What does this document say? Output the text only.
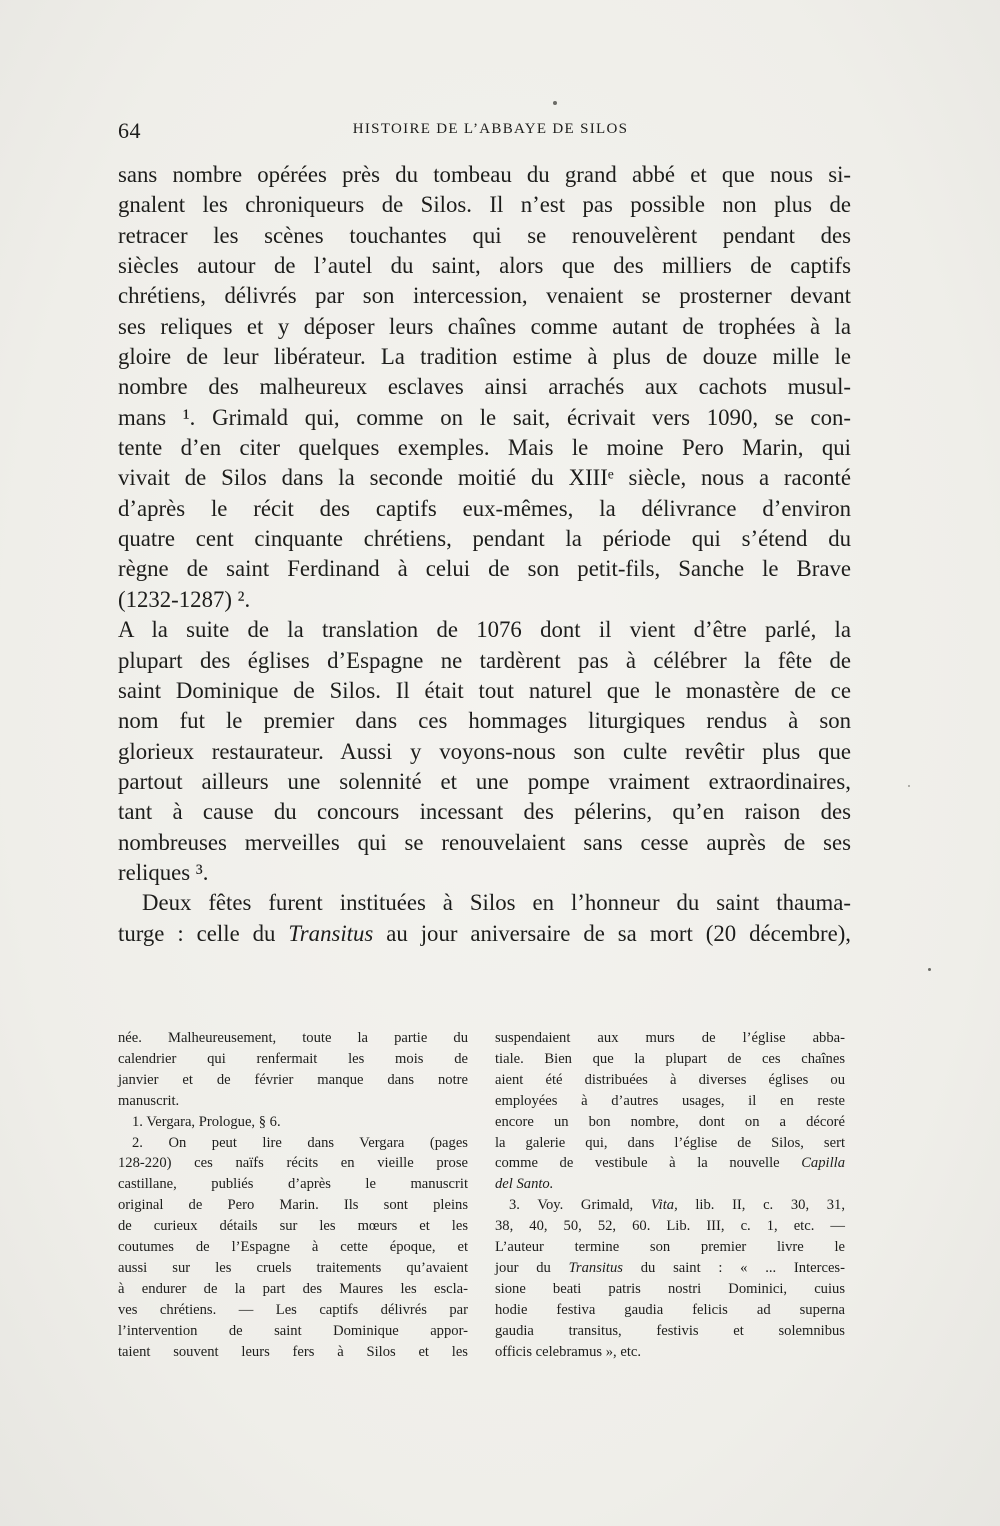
64	HISTOIRE DE L’ABBAYE DE SILOS
sans nombre opérées près du tombeau du grand abbé et que nous si-
gnalent les chroniqueurs de Silos. Il n’est pas possible non plus de
retracer les scènes touchantes qui se renouvelèrent pendant des
siècles autour de l’autel du saint, alors que des milliers de captifs
chrétiens, délivrés par son intercession, venaient se prosterner devant
ses reliques et y déposer leurs chaînes comme autant de trophées à la
gloire de leur libérateur. La tradition estime à plus de douze mille le
nombre des malheureux esclaves ainsi arrachés aux cachots musul-
mans ¹. Grimald qui, comme on le sait, écrivait vers 1090, se con-
tente d’en citer quelques exemples. Mais le moine Pero Marin, qui
vivait de Silos dans la seconde moitié du XIIIᵉ siècle, nous a raconté
d’après le récit des captifs eux-mêmes, la délivrance d’environ
quatre cent cinquante chrétiens, pendant la période qui s’étend du
règne de saint Ferdinand à celui de son petit-fils, Sanche le Brave
(1232-1287) ².
A la suite de la translation de 1076 dont il vient d’être parlé, la
plupart des églises d’Espagne ne tardèrent pas à célébrer la fête de
saint Dominique de Silos. Il était tout naturel que le monastère de ce
nom fut le premier dans ces hommages liturgiques rendus à son
glorieux restaurateur. Aussi y voyons-nous son culte revêtir plus que
partout ailleurs une solennité et une pompe vraiment extraordinaires,
tant à cause du concours incessant des pélerins, qu’en raison des
nombreuses merveilles qui se renouvelaient sans cesse auprès de ses
reliques ³.
Deux fêtes furent instituées à Silos en l’honneur du saint thauma-
turge : celle du Transitus au jour aniversaire de sa mort (20 décembre),
née. Malheureusement, toute la partie du
calendrier qui renfermait les mois de
janvier et de février manque dans notre
manuscrit.
1. Vergara, Prologue, § 6.
2. On peut lire dans Vergara (pages
128-220) ces naïfs récits en vieille prose
castillane, publiés d’après le manuscrit
original de Pero Marin. Ils sont pleins
de curieux détails sur les mœurs et les
coutumes de l’Espagne à cette époque, et
aussi sur les cruels traitements qu’avaient
à endurer de la part des Maures les escla-
ves chrétiens. — Les captifs délivrés par
l’intervention de saint Dominique appor-
taient souvent leurs fers à Silos et les
suspendaient aux murs de l’église abba-
tiale. Bien que la plupart de ces chaînes
aient été distribuées à diverses églises ou
employées à d’autres usages, il en reste
encore un bon nombre, dont on a décoré
la galerie qui, dans l’église de Silos, sert
comme de vestibule à la nouvelle Capilla
del Santo.
3. Voy. Grimald, Vita, lib. II, c. 30, 31,
38, 40, 50, 52, 60. Lib. III, c. 1, etc. —
L’auteur termine son premier livre le
jour du Transitus du saint : « ... Interces-
sione beati patris nostri Dominici, cuius
hodie festiva gaudia felicis ad superna
gaudia transitus, festivis et solemnibus
officis celebramus », etc.
